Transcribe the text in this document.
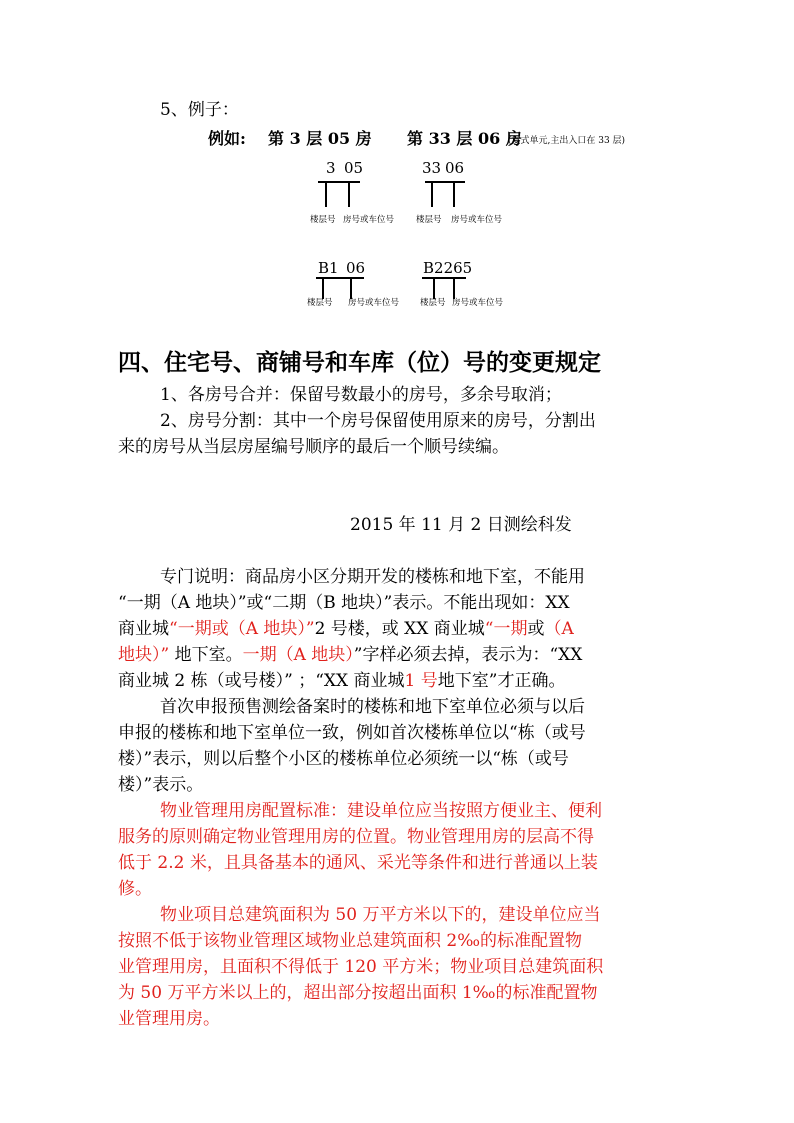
5、例子：
例如: 第 3 层 05 房 第 33 层 06 房
(复式单元,主出入口在 33 层)
3 05
楼层号 房号或车位号
33 06
楼层号 房号或车位号
B1 06
楼层号 房号或车位号
B2265
楼层号 房号或车位号
四、住宅号、商铺号和车库（位）号的变更规定
1、各房号合并：保留号数最小的房号，多余号取消；
2、房号分割：其中一个房号保留使用原来的房号，分割出
来的房号从当层房屋编号顺序的最后一个顺号续编。
2015 年 11 月 2 日测绘科发
专门说明：商品房小区分期开发的楼栋和地下室，不能用
“一期（A 地块）”或“二期（B 地块）”表示。不能出现如：XX
商业城“一期或（A 地块）”2 号楼，或 XX 商业城“一期或（A
地块）” 地下室。一期（A 地块）”字样必须去掉，表示为：“XX
商业城 2 栋（或号楼）” ；“XX 商业城1 号地下室”才正确。
首次申报预售测绘备案时的楼栋和地下室单位必须与以后
申报的楼栋和地下室单位一致，例如首次楼栋单位以“栋（或号
楼）”表示，则以后整个小区的楼栋单位必须统一以“栋（或号
楼）”表示。
物业管理用房配置标准：建设单位应当按照方便业主、便利
服务的原则确定物业管理用房的位置。物业管理用房的层高不得
低于 2.2 米，且具备基本的通风、采光等条件和进行普通以上装
修。
物业项目总建筑面积为 50 万平方米以下的，建设单位应当
按照不低于该物业管理区域物业总建筑面积 2‰的标准配置物
业管理用房，且面积不得低于 120 平方米；物业项目总建筑面积
为 50 万平方米以上的，超出部分按超出面积 1‰的标准配置物
业管理用房。
